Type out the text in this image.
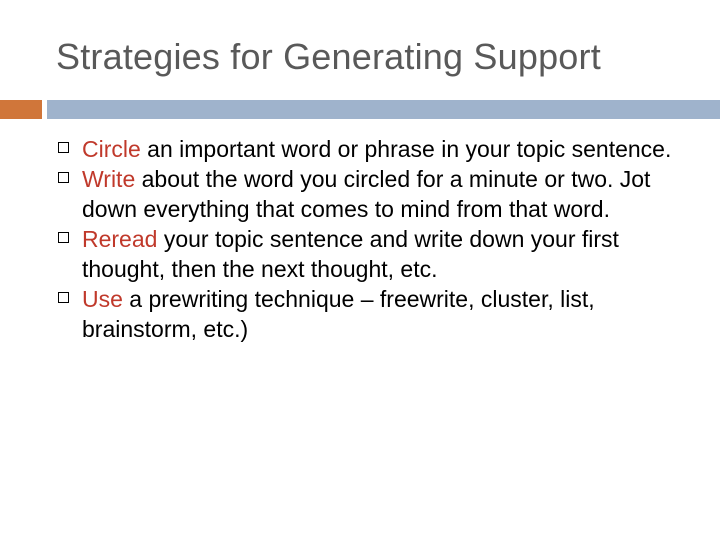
Strategies for Generating Support
Circle an important word or phrase in your topic sentence.
Write about the word you circled for a minute or two. Jot down everything that comes to mind from that word.
Reread your topic sentence and write down your first thought, then the next thought, etc.
Use a prewriting technique – freewrite, cluster, list, brainstorm, etc.)
